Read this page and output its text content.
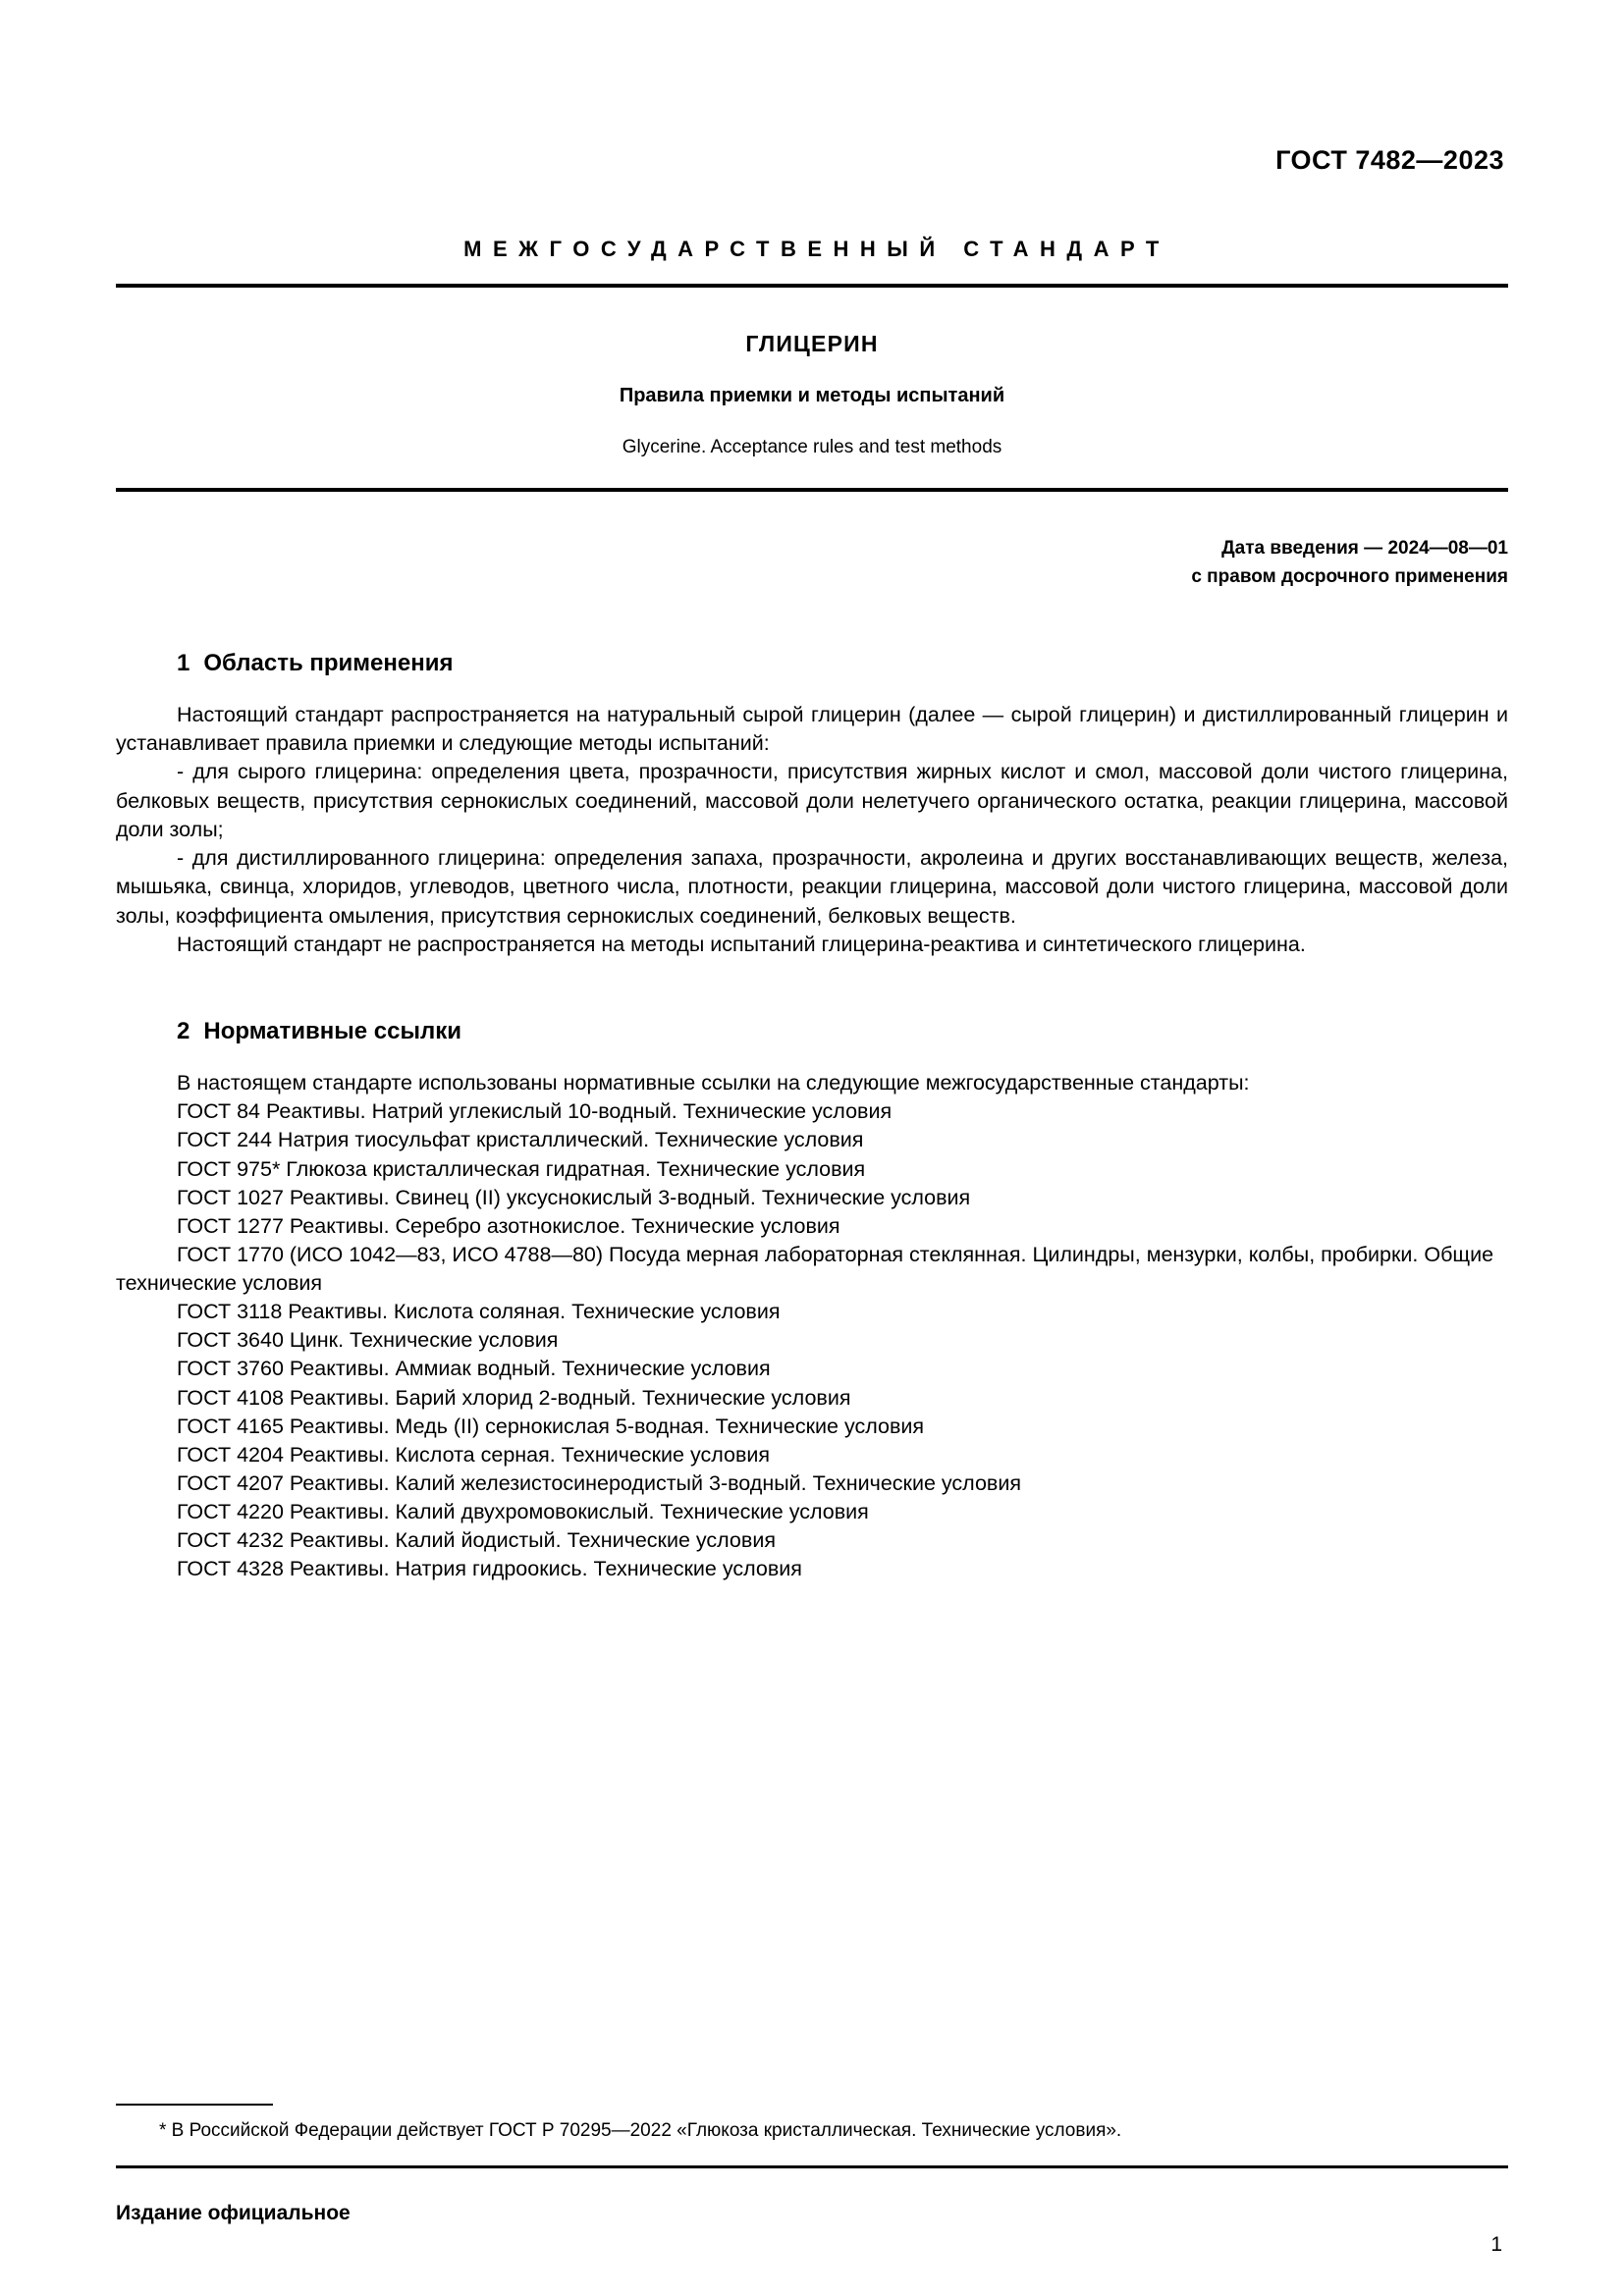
ГОСТ 7482—2023
МЕЖГОСУДАРСТВЕННЫЙ СТАНДАРТ
ГЛИЦЕРИН
Правила приемки и методы испытаний
Glycerine. Acceptance rules and test methods
Дата введения — 2024—08—01
с правом досрочного применения
1 Область применения

Настоящий стандарт распространяется на натуральный сырой глицерин (далее — сырой глицерин) и дистиллированный глицерин и устанавливает правила приемки и следующие методы испытаний:

- для сырого глицерина: определения цвета, прозрачности, присутствия жирных кислот и смол, массовой доли чистого глицерина, белковых веществ, присутствия сернокислых соединений, массовой доли нелетучего органического остатка, реакции глицерина, массовой доли золы;

- для дистиллированного глицерина: определения запаха, прозрачности, акролеина и других восстанавливающих веществ, железа, мышьяка, свинца, хлоридов, углеводов, цветного числа, плотности, реакции глицерина, массовой доли чистого глицерина, массовой доли золы, коэффициента омыления, присутствия сернокислых соединений, белковых веществ.

Настоящий стандарт не распространяется на методы испытаний глицерина-реактива и синтетического глицерина.

2 Нормативные ссылки

В настоящем стандарте использованы нормативные ссылки на следующие межгосударственные стандарты:

ГОСТ 84 Реактивы. Натрий углекислый 10-водный. Технические условия
ГОСТ 244 Натрия тиосульфат кристаллический. Технические условия
ГОСТ 975* Глюкоза кристаллическая гидратная. Технические условия
ГОСТ 1027 Реактивы. Свинец (II) уксуснокислый 3-водный. Технические условия
ГОСТ 1277 Реактивы. Серебро азотнокислое. Технические условия
ГОСТ 1770 (ИСО 1042—83, ИСО 4788—80) Посуда мерная лабораторная стеклянная. Цилиндры, мензурки, колбы, пробирки. Общие технические условия
ГОСТ 3118 Реактивы. Кислота соляная. Технические условия
ГОСТ 3640 Цинк. Технические условия
ГОСТ 3760 Реактивы. Аммиак водный. Технические условия
ГОСТ 4108 Реактивы. Барий хлорид 2-водный. Технические условия
ГОСТ 4165 Реактивы. Медь (II) сернокислая 5-водная. Технические условия
ГОСТ 4204 Реактивы. Кислота серная. Технические условия
ГОСТ 4207 Реактивы. Калий железистосинеродистый 3-водный. Технические условия
ГОСТ 4220 Реактивы. Калий двухромовокислый. Технические условия
ГОСТ 4232 Реактивы. Калий йодистый. Технические условия
ГОСТ 4328 Реактивы. Натрия гидроокись. Технические условия
* В Российской Федерации действует ГОСТ Р 70295—2022 «Глюкоза кристаллическая. Технические условия».
Издание официальное
1
